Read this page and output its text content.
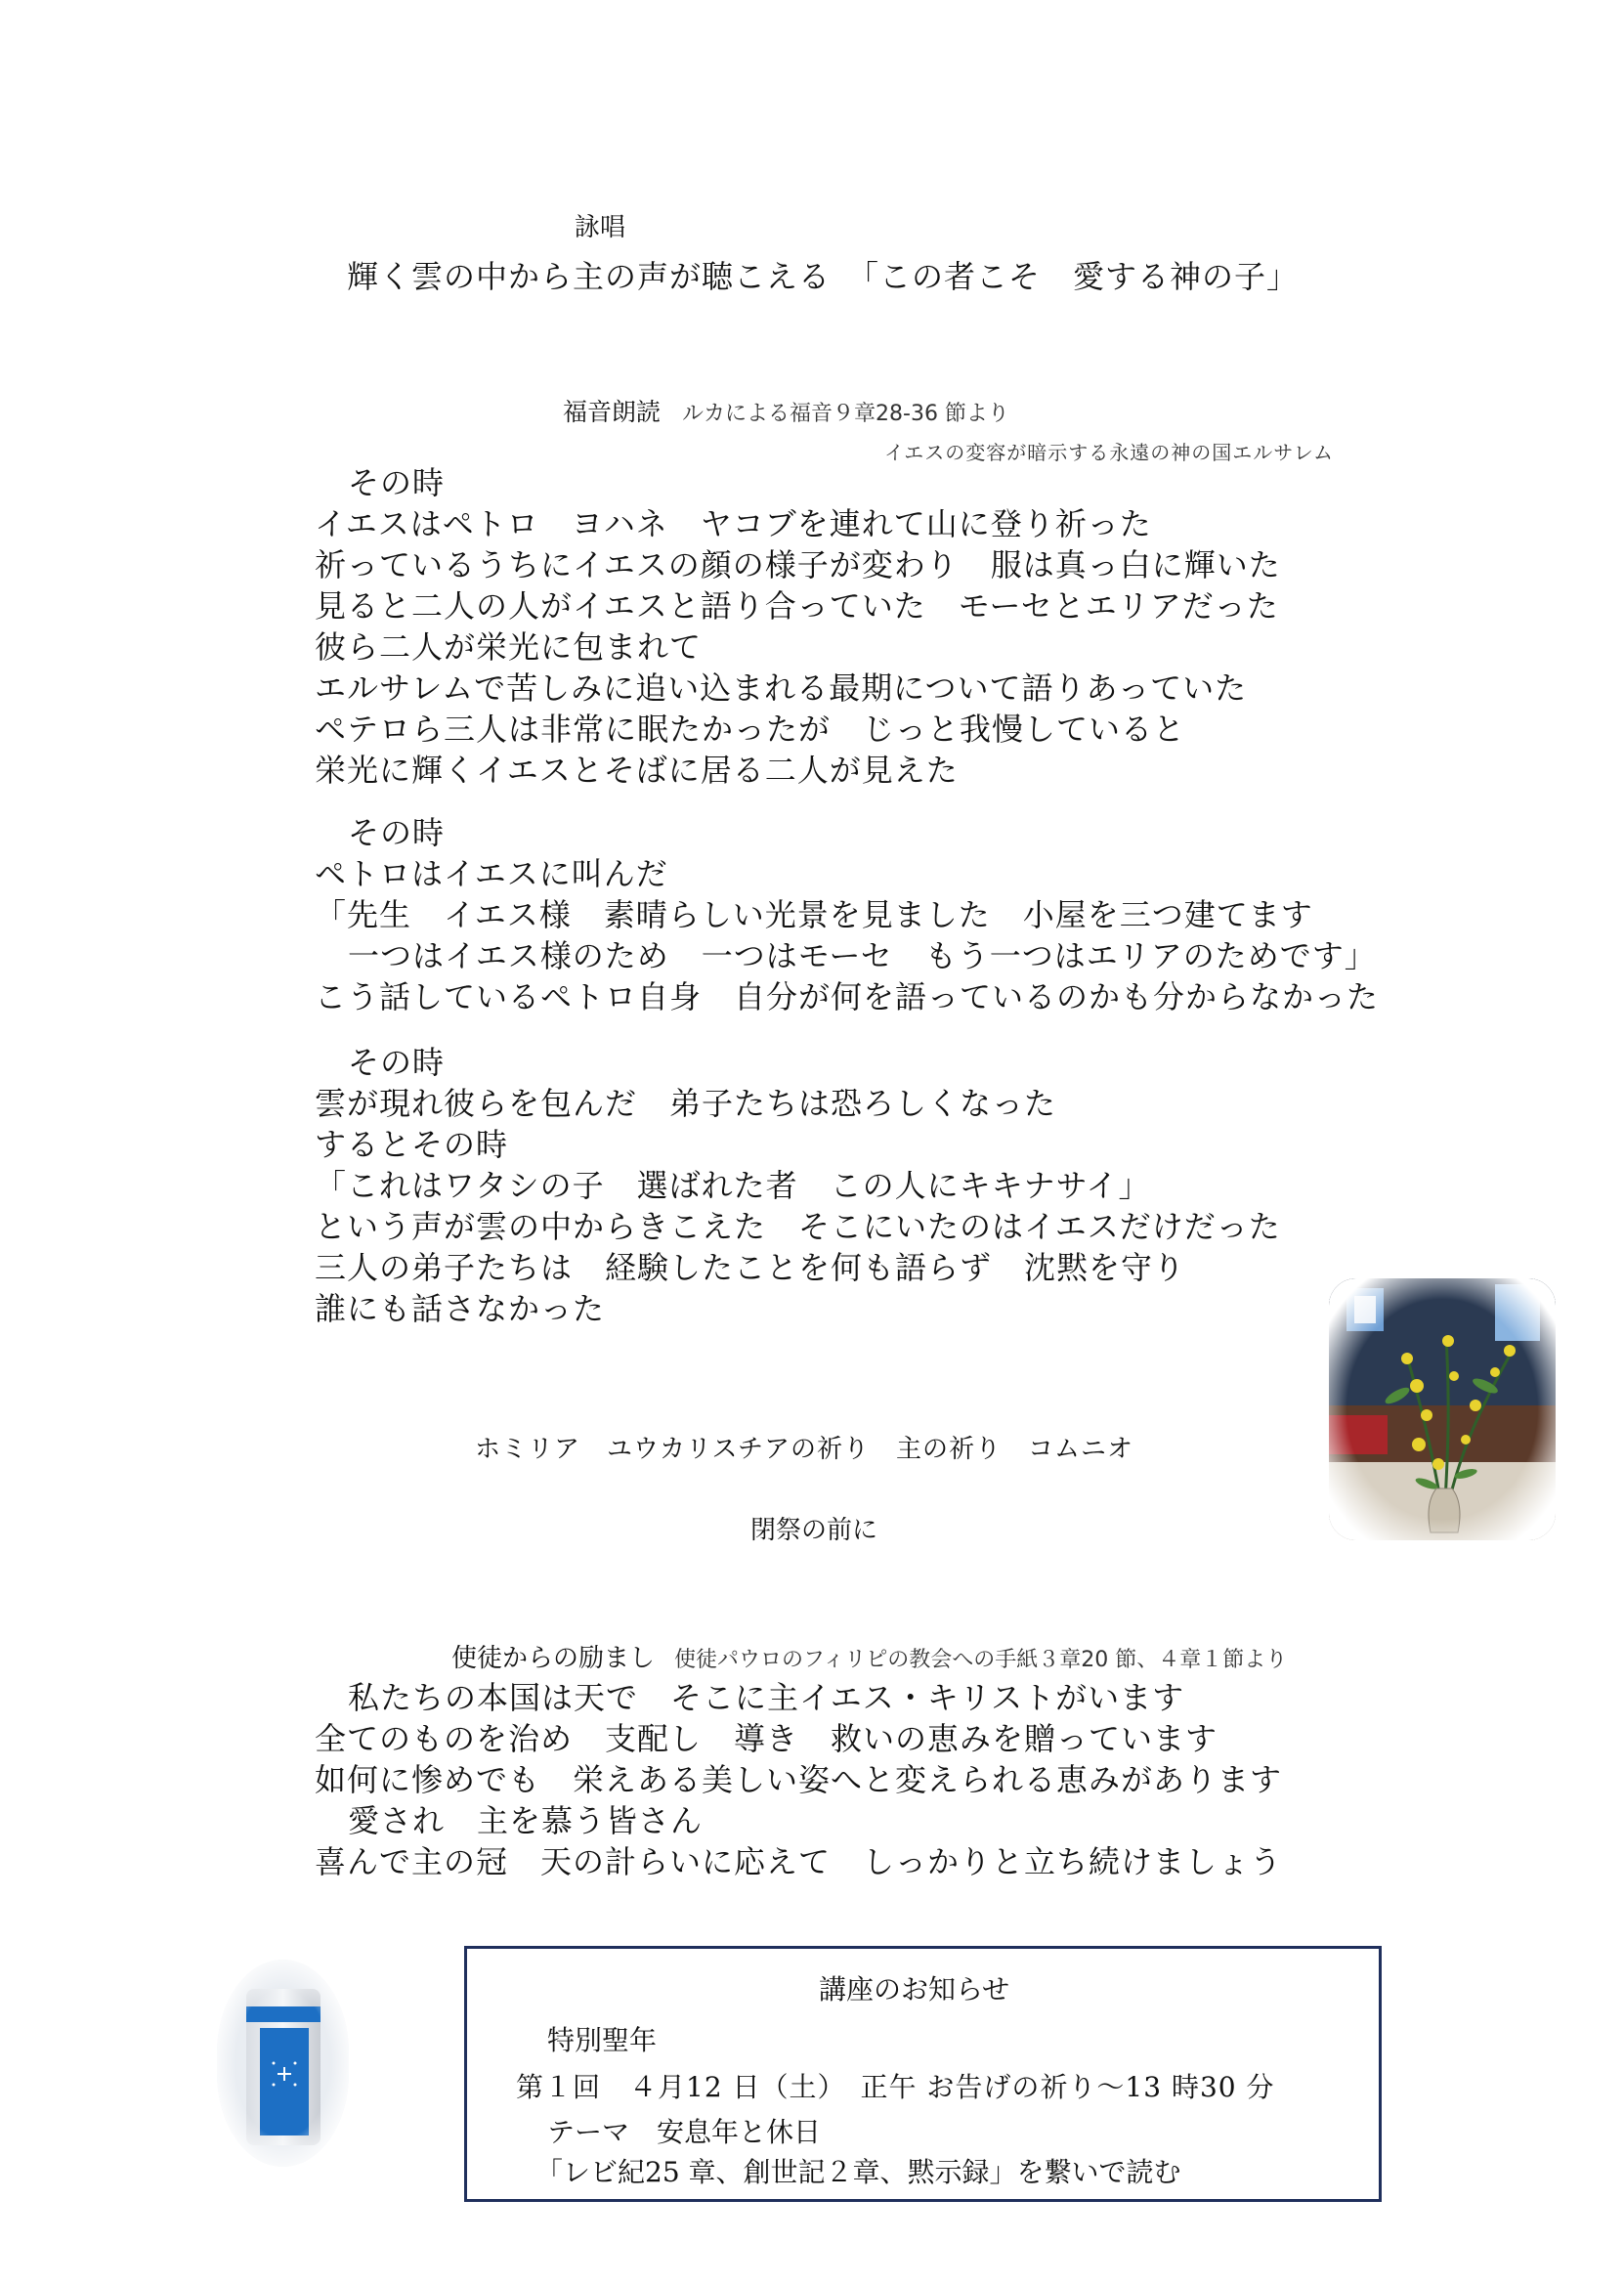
詠唱
輝く雲の中から主の声が聴こえる　「この者こそ　愛する神の子」
福音朗読 ルカによる福音９章28-36 節より
イエスの変容が暗示する永遠の神の国エルサレム
その時
イエスはペトロ　ヨハネ　ヤコブを連れて山に登り祈った
祈っているうちにイエスの顔の様子が変わり　服は真っ白に輝いた
見ると二人の人がイエスと語り合っていた　モーセとエリアだった
彼ら二人が栄光に包まれて
エルサレムで苦しみに追い込まれる最期について語りあっていた
ペテロら三人は非常に眠たかったが　じっと我慢していると
栄光に輝くイエスとそばに居る二人が見えた
その時
ペトロはイエスに叫んだ
「先生　イエス様　素晴らしい光景を見ました　小屋を三つ建てます
一つはイエス様のため　一つはモーセ　もう一つはエリアのためです」
こう話しているペトロ自身　自分が何を語っているのかも分からなかった
その時
雲が現れ彼らを包んだ　弟子たちは恐ろしくなった
するとその時
「これはワタシの子　選ばれた者　この人にキキナサイ」
という声が雲の中からきこえた　そこにいたのはイエスだけだった
三人の弟子たちは　経験したことを何も語らず　沈黙を守り
誰にも話さなかった
ホミリア　ユウカリスチアの祈り　主の祈り　コムニオ
閉祭の前に
使徒からの励まし 使徒パウロのフィリピの教会への手紙３章20 節、４章１節より
私たちの本国は天で　そこに主イエス・キリストがいます
全てのものを治め　支配し　導き　救いの恵みを贈っています
如何に惨めでも　栄えある美しい姿へと変えられる恵みがあります
愛され　主を慕う皆さん
喜んで主の冠　天の計らいに応えて　しっかりと立ち続けましょう
講座のお知らせ
特別聖年
第１回　４月12 日（土）　正午 お告げの祈り～13 時30 分
テーマ　安息年と休日
「レビ紀25 章、創世記２章、黙示録」を繋いで読む
